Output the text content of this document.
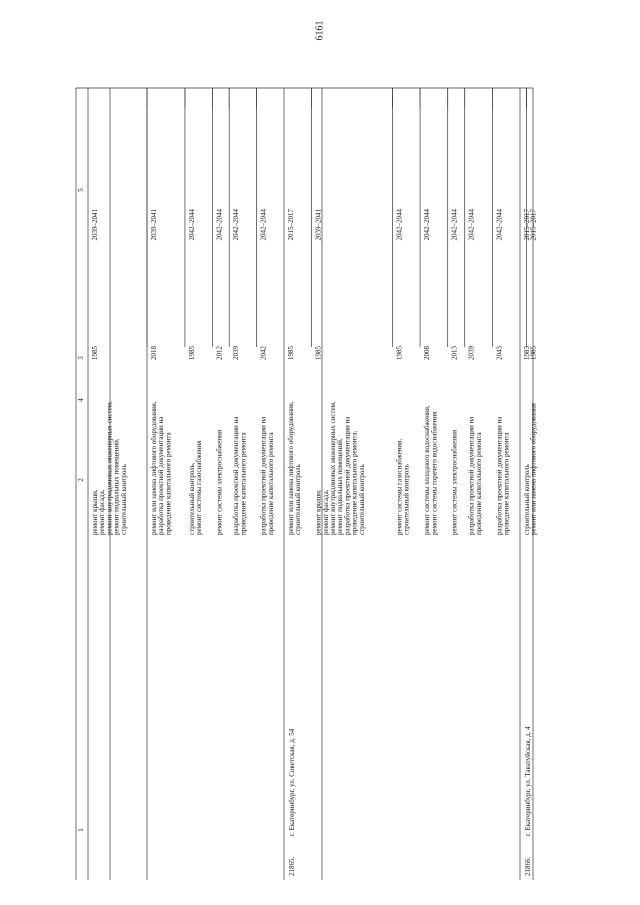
6161
1
2
3
4
5
1985
ремонт крыши, ремонт фасада, ремонт внутридомовых инженерных систем, ремонт подвальных помещений, строительный контроль
2039–2041
2018
ремонт или замена лифтового оборудования, разработка проектной документации на проведение капитального ремонта
2039–2041
1985
строительный контроль, ремонт системы газоснабжения
2042–2044
2012
ремонт системы электроснабжения
2042–2044
2039
разработка проектной документации на проведение капитального ремонта
2042–2044
2042
разработка проектной документации на проведение капитального ремонта
2042–2044
21865.
г. Екатеринбург, ул. Советская, д. 54
1985
ремонт или замена лифтового оборудования, строительный контроль
2015–2017
1985
ремонт крыши, ремонт фасада, ремонт внутридомовых инженерных систем, ремонт подвальных помещений, разработка проектной документации на проведение капитального ремонта, строительный контроль
2039–2041
1985
ремонт системы газоснабжения, строительный контроль
2042–2044
2008
ремонт системы холодного водоснабжения, ремонт системы горячего водоснабжения
2042–2044
2013
ремонт системы электроснабжения
2042–2044
2039
разработка проектной документации на проведение капитального ремонта
2042–2044
2043
разработка проектной документации на проведение капитального ремонта
2042–2044
21866.
г. Екатеринбург, ул. Таватуйская, д. 4
1983
строительный контроль
2015–2017
1985
ремонт или замена лифтового оборудования
2015–2017
